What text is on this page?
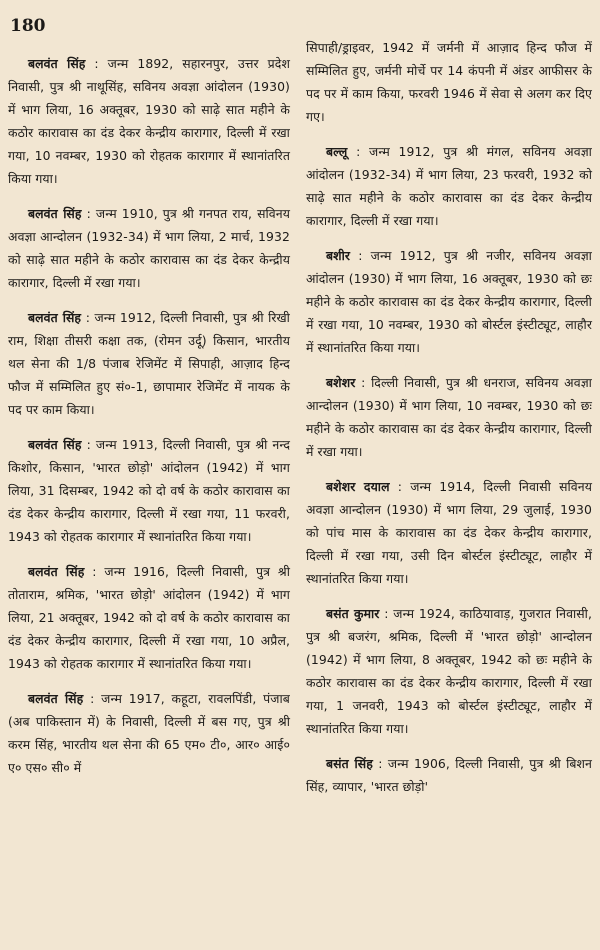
180

बलवंत सिंह : जन्म 1892, सहारनपुर, उत्तर प्रदेश निवासी, पुत्र श्री नाथूसिंह, सविनय अवज्ञा आंदोलन (1930) में भाग लिया, 16 अक्तूबर, 1930 को साढ़े सात महीने के कठोर कारावास का दंड देकर केन्द्रीय कारागार, दिल्ली में रखा गया, 10 नवम्बर, 1930 को रोहतक कारागार में स्थानांतरित किया गया।

बलवंत सिंह : जन्म 1910, पुत्र श्री गनपत राय, सविनय अवज्ञा आन्दोलन (1932-34) में भाग लिया, 2 मार्च, 1932 को साढ़े सात महीने के कठोर कारावास का दंड देकर केन्द्रीय कारागार, दिल्ली में रखा गया।

बलवंत सिंह : जन्म 1912, दिल्ली निवासी, पुत्र श्री रिखी राम, शिक्षा तीसरी कक्षा तक, (रोमन उर्दू) किसान, भारतीय थल सेना की 1/8 पंजाब रेजिमेंट में सिपाही, आज़ाद हिन्द फौज में सम्मिलित हुए सं०-1, छापामार रेजिमेंट में नायक के पद पर काम किया।

बलवंत सिंह : जन्म 1913, दिल्ली निवासी, पुत्र श्री नन्द किशोर, किसान, 'भारत छोड़ो' आंदोलन (1942) में भाग लिया, 31 दिसम्बर, 1942 को दो वर्ष के कठोर कारावास का दंड देकर केन्द्रीय कारागार, दिल्ली में रखा गया, 11 फरवरी, 1943 को रोहतक कारागार में स्थानांतरित किया गया।

बलवंत सिंह : जन्म 1916, दिल्ली निवासी, पुत्र श्री तोताराम, श्रमिक, 'भारत छोड़ो' आंदोलन (1942) में भाग लिया, 21 अक्तूबर, 1942 को दो वर्ष के कठोर कारावास का दंड देकर केन्द्रीय कारागार, दिल्ली में रखा गया, 10 अप्रैल, 1943 को रोहतक कारागार में स्थानांतरित किया गया।

बलवंत सिंह : जन्म 1917, कहूटा, रावलपिंडी, पंजाब (अब पाकिस्तान में) के निवासी, दिल्ली में बस गए, पुत्र श्री करम सिंह, भारतीय थल सेना की 65 एम० टी०, आर० आई० ए० एस० सी० में

सिपाही/ड्राइवर, 1942 में जर्मनी में आज़ाद हिन्द फौज में सम्मिलित हुए, जर्मनी मोर्चे पर 14 कंपनी में अंडर आफीसर के पद पर में काम किया, फरवरी 1946 में सेवा से अलग कर दिए गए।

बल्लू : जन्म 1912, पुत्र श्री मंगल, सविनय अवज्ञा आंदोलन (1932-34) में भाग लिया, 23 फरवरी, 1932 को साढ़े सात महीने के कठोर कारावास का दंड देकर केन्द्रीय कारागार, दिल्ली में रखा गया।

बशीर : जन्म 1912, पुत्र श्री नजीर, सविनय अवज्ञा आंदोलन (1930) में भाग लिया, 16 अक्तूबर, 1930 को छः महीने के कठोर कारावास का दंड देकर केन्द्रीय कारागार, दिल्ली में रखा गया, 10 नवम्बर, 1930 को बोर्स्टल इंस्टीट्यूट, लाहौर में स्थानांतरित किया गया।

बशेशर : दिल्ली निवासी, पुत्र श्री धनराज, सविनय अवज्ञा आन्दोलन (1930) में भाग लिया, 10 नवम्बर, 1930 को छः महीने के कठोर कारावास का दंड देकर केन्द्रीय कारागार, दिल्ली में रखा गया।

बशेशर दयाल : जन्म 1914, दिल्ली निवासी सविनय अवज्ञा आन्दोलन (1930) में भाग लिया, 29 जुलाई, 1930 को पांच मास के कारावास का दंड देकर केन्द्रीय कारागार, दिल्ली में रखा गया, उसी दिन बोर्स्टल इंस्टीट्यूट, लाहौर में स्थानांतरित किया गया।

बसंत कुमार : जन्म 1924, काठियावाड़, गुजरात निवासी, पुत्र श्री बजरंग, श्रमिक, दिल्ली में 'भारत छोड़ो' आन्दोलन (1942) में भाग लिया, 8 अक्तूबर, 1942 को छः महीने के कठोर कारावास का दंड देकर केन्द्रीय कारागार, दिल्ली में रखा गया, 1 जनवरी, 1943 को बोर्स्टल इंस्टीट्यूट, लाहौर में स्थानांतरित किया गया।

बसंत सिंह : जन्म 1906, दिल्ली निवासी, पुत्र श्री बिशन सिंह, व्यापार, 'भारत छोड़ो'
